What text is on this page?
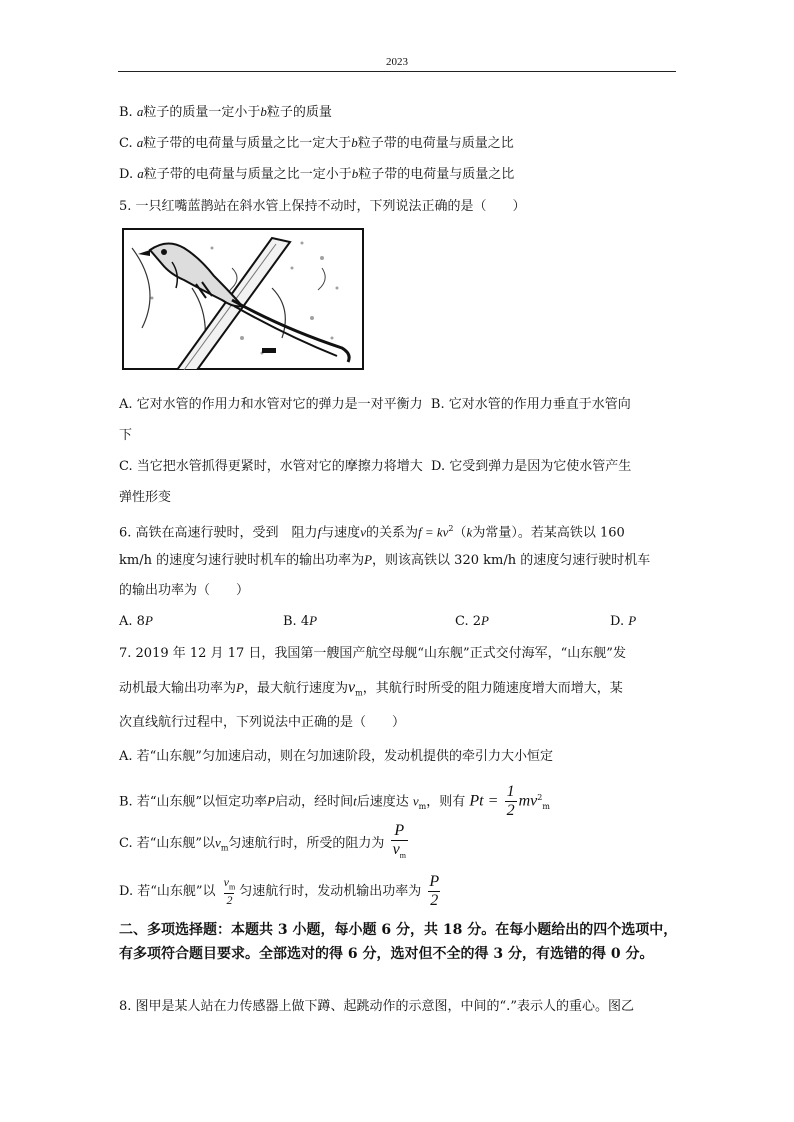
2023
B. a粒子的质量一定小于b粒子的质量
C. a粒子带的电荷量与质量之比一定大于b粒子带的电荷量与质量之比
D. a粒子带的电荷量与质量之比一定小于b粒子带的电荷量与质量之比
5. 一只红嘴蓝鹊站在斜水管上保持不动时，下列说法正确的是（　　）
A. 它对水管的作用力和水管对它的弹力是一对平衡力 B. 它对水管的作用力垂直于水管向
下
C. 当它把水管抓得更紧时，水管对它的摩擦力将增大 D. 它受到弹力是因为它使水管产生
弹性形变
6. 高铁在高速行驶时，受到　阻力f与速度v的关系为$f = kv^2(k$为常量）。若某高铁以 160
km/h 的速度匀速行驶时机车的输出功率为P，则该高铁以 320 km/h 的速度匀速行驶时机车
的输出功率为（　　）
A. 8P	B. 4P	C. 2P	D. P
7. 2019 年 12 月 17 日，我国第一艘国产航空母舰“山东舰”正式交付海军，“山东舰”发
动机最大输出功率为P，最大航行速度为$v_m$，其航行时所受的阻力随速度增大而增大，某
次直线航行过程中，下列说法中正确的是（　　）
A. 若“山东舰”匀加速启动，则在匀加速阶段，发动机提供的牵引力大小恒定
B. 若“山东舰”以恒定功率P启动，经时间t后速度达 $v_m$，则有 $Pt = \frac{1}{2} mv^2_m$
C. 若“山东舰”以$v_m$匀速航行时，所受的阻力为 $\frac{P}{v_m}$
D. 若“山东舰”以 $\frac{v_m}{2}$ 匀速航行时，发动机输出功率为 $\frac{P}{2}$
二、多项选择题：本题共 3 小题，每小题 6 分，共 18 分。在每小题给出的四个选项中，有多项符合题目要求。全部选对的得 6 分，选对但不全的得 3 分，有选错的得 0 分。
8. 图甲是某人站在力传感器上做下蹲、起跳动作的示意图，中间的“.”表示人的重心。图乙
